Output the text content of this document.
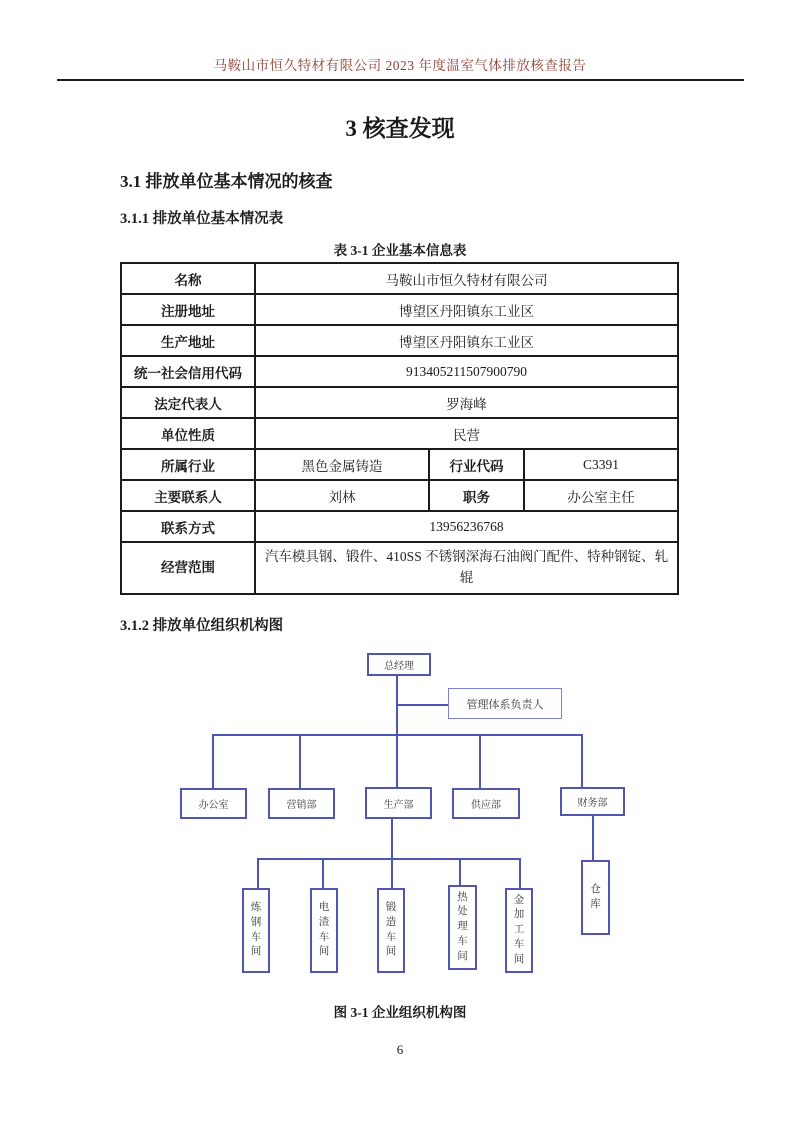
马鞍山市恒久特材有限公司 2023 年度温室气体排放核查报告
3 核查发现
3.1 排放单位基本情况的核查
3.1.1 排放单位基本情况表
表 3-1 企业基本信息表
名称	马鞍山市恒久特材有限公司		
注册地址	博望区丹阳镇东工业区		
生产地址	博望区丹阳镇东工业区		
统一社会信用代码	913405211507900790		
法定代表人	罗海峰		
单位性质	民营		
所属行业	黑色金属铸造	行业代码	C3391
主要联系人	刘林	职务	办公室主任
联系方式	13956236768		
经营范围	汽车模具钢、锻件、410SS 不锈钢深海石油阀门配件、特种钢锭、轧辊		
3.1.2 排放单位组织机构图
总经理
管理体系负责人
办公室	营销部	生产部	供应部	财务部
炼钢车间
电渣车间
锻造车间
热处理车间
金加工车间
仓库
图 3-1 企业组织机构图
6
